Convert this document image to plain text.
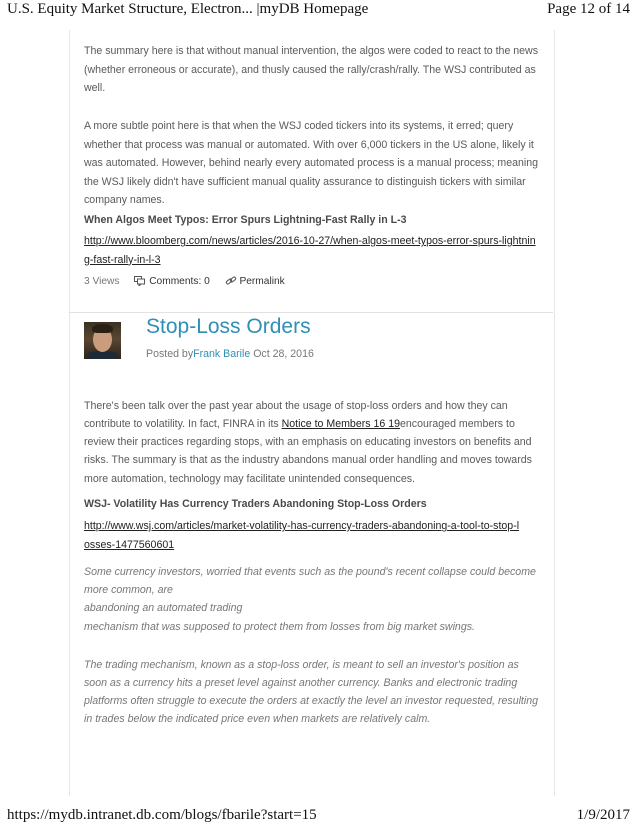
U.S. Equity Market Structure, Electron... |myDB Homepage	Page 12 of 14

The summary here is that without manual intervention, the algos were coded to react to the news (whether erroneous or accurate), and thusly caused the rally/crash/rally. The WSJ contributed as well.

A more subtle point here is that when the WSJ coded tickers into its systems, it erred; query whether that process was manual or automated. With over 6,000 tickers in the US alone, likely it was automated. However, behind nearly every automated process is a manual process; meaning the WSJ likely didn't have sufficient manual quality assurance to distinguish tickers with similar company names.

When Algos Meet Typos: Error Spurs Lightning-Fast Rally in L-3
http://www.bloomberg.com/news/articles/2016-10-27/when-algos-meet-typos-error-spurs-lightning-fast-rally-in-l-3
3 Views	Comments: 0	Permalink
Stop-Loss Orders
Posted byFrank Barile Oct 28, 2016

There's been talk over the past year about the usage of stop-loss orders and how they can contribute to volatility. In fact, FINRA in its Notice to Members 16 19encouraged members to review their practices regarding stops, with an emphasis on educating investors on benefits and risks. The summary is that as the industry abandons manual order handling and moves towards more automation, technology may facilitate unintended consequences.

WSJ- Volatility Has Currency Traders Abandoning Stop-Loss Orders
http://www.wsj.com/articles/market-volatility-has-currency-traders-abandoning-a-tool-to-stop-losses-1477560601
Some currency investors, worried that events such as the pound's recent collapse could become
more common, are
abandoning an automated trading
mechanism that was supposed to protect them from losses from big market swings.

The trading mechanism, known as a stop-loss order, is meant to sell an investor's position as soon as a currency hits a preset level against another currency. Banks and electronic trading platforms often struggle to execute the orders at exactly the level an investor requested, resulting in trades below the indicated price even when markets are relatively calm.

https://mydb.intranet.db.com/blogs/fbarile?start=15	1/9/2017
